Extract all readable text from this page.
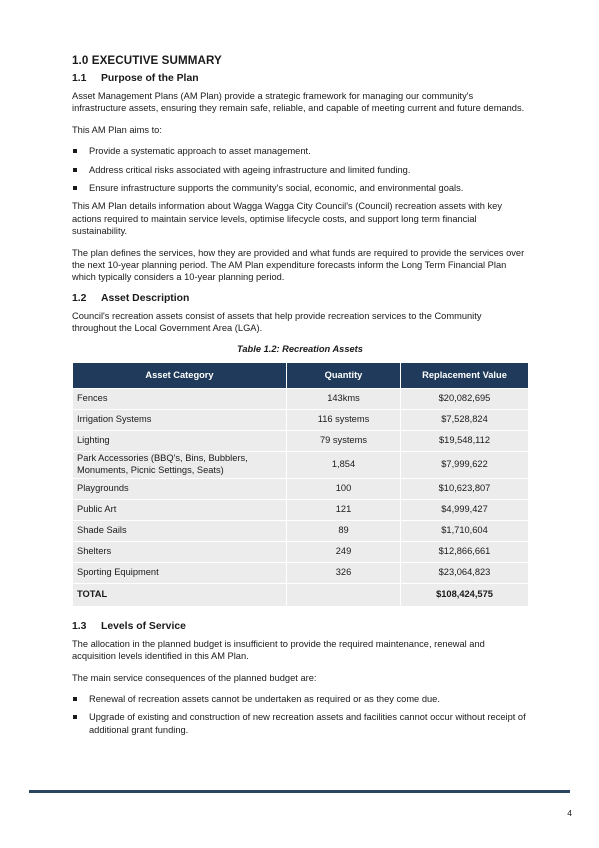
1.0 EXECUTIVE SUMMARY
1.1	Purpose of the Plan

Asset Management Plans (AM Plan) provide a strategic framework for managing our community's infrastructure assets, ensuring they remain safe, reliable, and capable of meeting current and future demands.

This AM Plan aims to:

Provide a systematic approach to asset management.
Address critical risks associated with ageing infrastructure and limited funding.
Ensure infrastructure supports the community's social, economic, and environmental goals.

This AM Plan details information about Wagga Wagga City Council's (Council) recreation assets with key actions required to maintain service levels, optimise lifecycle costs, and support long term financial sustainability.

The plan defines the services, how they are provided and what funds are required to provide the services over the next 10-year planning period. The AM Plan expenditure forecasts inform the Long Term Financial Plan which typically considers a 10-year planning period.

1.2	Asset Description

Council's recreation assets consist of assets that help provide recreation services to the Community throughout the Local Government Area (LGA).

Table 1.2: Recreation Assets
Asset Category	Quantity	Replacement Value
Fences	143kms	$20,082,695
Irrigation Systems	116 systems	$7,528,824
Lighting	79 systems	$19,548,112
Park Accessories (BBQ's, Bins, Bubblers, Monuments, Picnic Settings, Seats)	1,854	$7,999,622
Playgrounds	100	$10,623,807
Public Art	121	$4,999,427
Shade Sails	89	$1,710,604
Shelters	249	$12,866,661
Sporting Equipment	326	$23,064,823
TOTAL		$108,424,575
1.3	Levels of Service

The allocation in the planned budget is insufficient to provide the required maintenance, renewal and acquisition levels identified in this AM Plan.

The main service consequences of the planned budget are:

Renewal of recreation assets cannot be undertaken as required or as they come due.
Upgrade of existing and construction of new recreation assets and facilities cannot occur without receipt of additional grant funding.
4
